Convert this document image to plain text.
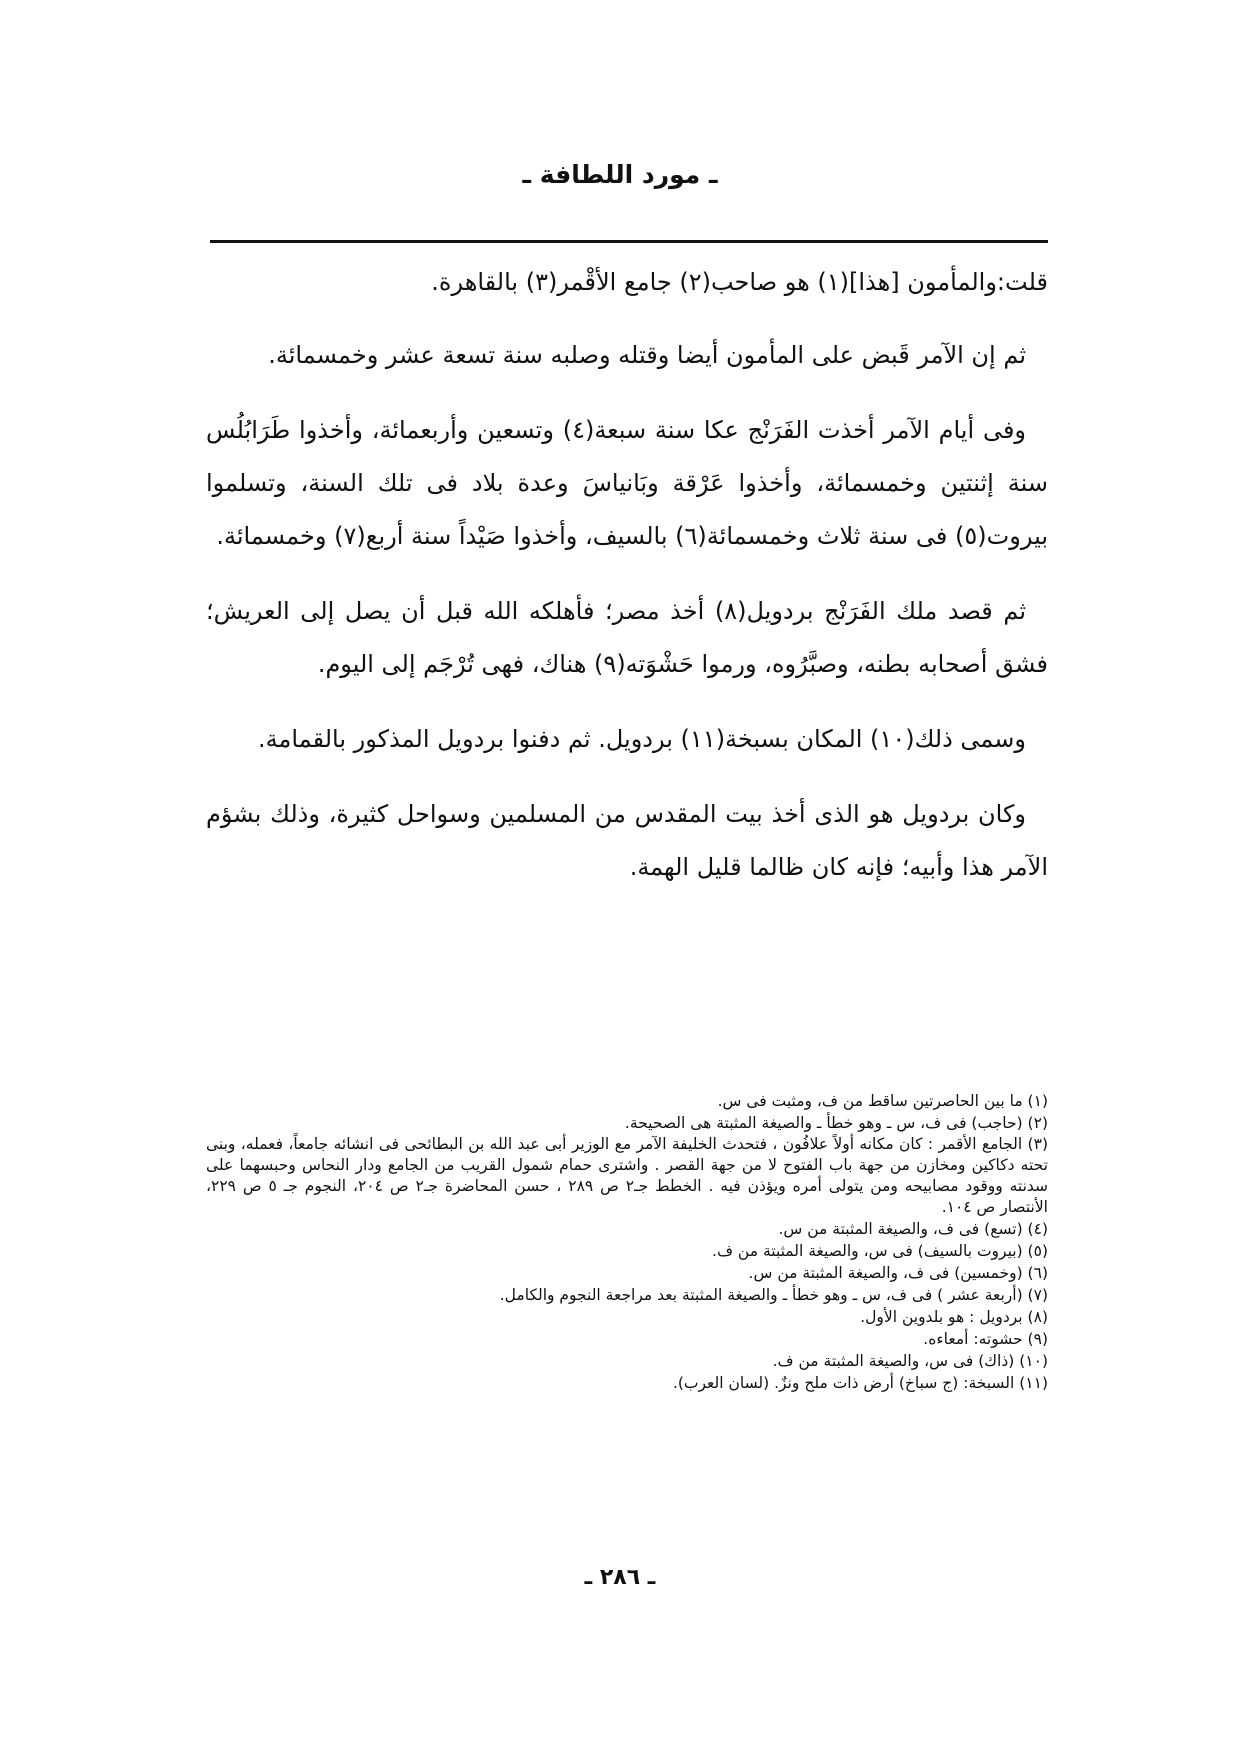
ـ مورد اللطافة ـ

قلت:والمأمون [هذا](١) هو صاحب(٢) جامع الأقْمر(٣) بالقاهرة.

ثم إن الآمر قَبض على المأمون أيضا وقتله وصلبه سنة تسعة عشر وخمسمائة.

وفى أيام الآمر أخذت الفَرَنْج عكا سنة سبعة(٤) وتسعين وأربعمائة، وأخذوا طَرَابُلُس سنة إثنتين وخمسمائة، وأخذوا عَرْقة وبَانياسَ وعدة بلاد فى تلك السنة، وتسلموا بيروت(٥) فى سنة ثلاث وخمسمائة(٦) بالسيف، وأخذوا صَيْداً سنة أربع(٧) وخمسمائة.

ثم قصد ملك الفَرَنْج بردويل(٨) أخذ مصر؛ فأهلكه الله قبل أن يصل إلى العريش؛ فشق أصحابه بطنه، وصبَّرُوه، ورموا حَشْوَته(٩) هناك، فهى تُرْجَم إلى اليوم.

وسمى ذلك(١٠) المكان بسبخة(١١) بردويل. ثم دفنوا بردويل المذكور بالقمامة.

وكان بردويل هو الذى أخذ بيت المقدس من المسلمين وسواحل كثيرة، وذلك بشؤم الآمر هذا وأبيه؛ فإنه كان ظالما قليل الهمة.

(١) ما بين الحاصرتين ساقط من ف، ومثبت فى س.

(٢) (حاجب) فى ف، س ـ وهو خطأ ـ والصيغة المثبتة هى الصحيحة.

(٣) الجامع الأقمر : كان مكانه أولاً علافُون ، فتحدث الخليفة الآمر مع الوزير أبى عبد الله بن البطائحى فى انشائه جامعاً، فعمله، وبنى تحته دكاكين ومخازن من جهة باب الفتوح لا من جهة القصر . واشترى حمام شمول القريب من الجامع ودار النحاس وحبسهما على سدنته ووقود مصابيحه ومن يتولى أمره ويؤذن فيه . الخطط جـ٢ ص ٢٨٩ ، حسن المحاضرة جـ٢ ص ٢٠٤، النجوم جـ ٥ ص ٢٢٩، الأنتصار ص ١٠٤.

(٤) (تسع) فى ف، والصيغة المثبتة من س.

(٥) (بيروت بالسيف) فى س، والصيغة المثبتة من ف.

(٦) (وخمسين) فى ف، والصيغة المثبتة من س.

(٧) (أربعة عشر ) فى ف، س ـ وهو خطأ ـ والصيغة المثبتة بعد مراجعة النجوم والكامل.

(٨) بردويل : هو بلدوين الأول.

(٩) حشوته: أمعاءه.

(١٠) (ذاك) فى س، والصيغة المثبتة من ف.

(١١) السبخة: (ج سباخ) أرض ذات ملح ونزٌ. (لسان العرب).

ـ ٢٨٦ ـ
